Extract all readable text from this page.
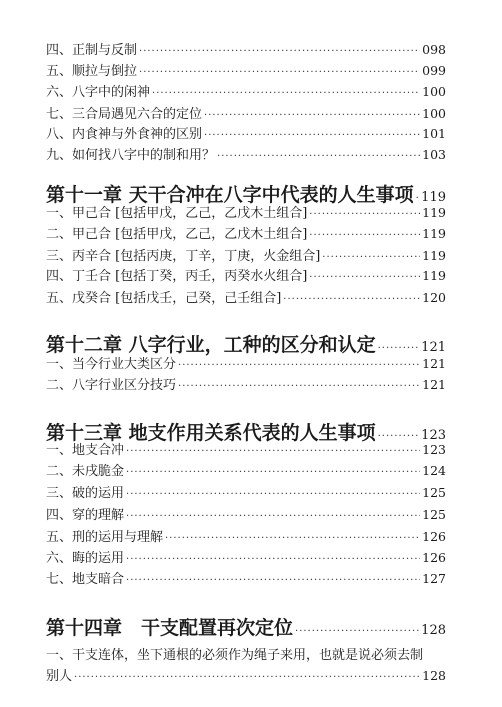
四、正制与反制 ·····	098
五、顺拉与倒拉 ·····	099
六、八字中的闲神 ·····	100
七、三合局遇见六合的定位 ·····	100
八、内食神与外食神的区别 ·····	101
九、如何找八字中的制和用？ ·····	103
第十一章 天干合冲在八字中代表的人生事项 ····· 119
一、甲己合 [包括甲戊，乙己，乙戊木土组合] ·····	119
二、甲己合 [包括甲戊，乙己，乙戊木土组合] ·····	119
三、丙辛合 [包括丙庚，丁辛，丁庚，火金组合] ·····	119
四、丁壬合 [包括丁癸，丙壬，丙癸水火组合] ·····	119
五、戊癸合 [包括戊壬，己癸，己壬组合] ·····	120
第十二章 八字行业，工种的区分和认定 ·····	121
一、当今行业大类区分 ·····	121
二、八字行业区分技巧 ·····	121
第十三章 地支作用关系代表的人生事项 ·····	123
一、地支合冲 ·····	123
二、未戌脆金 ·····	124
三、破的运用 ·····	125
四、穿的理解 ·····	125
五、刑的运用与理解 ·····	126
六、晦的运用 ·····	126
七、地支暗合 ·····	127
第十四章　干支配置再次定位 ·····	128
一、干支连体，坐下通根的必须作为绳子来用，也就是说必须去制
别人 ·····	128
